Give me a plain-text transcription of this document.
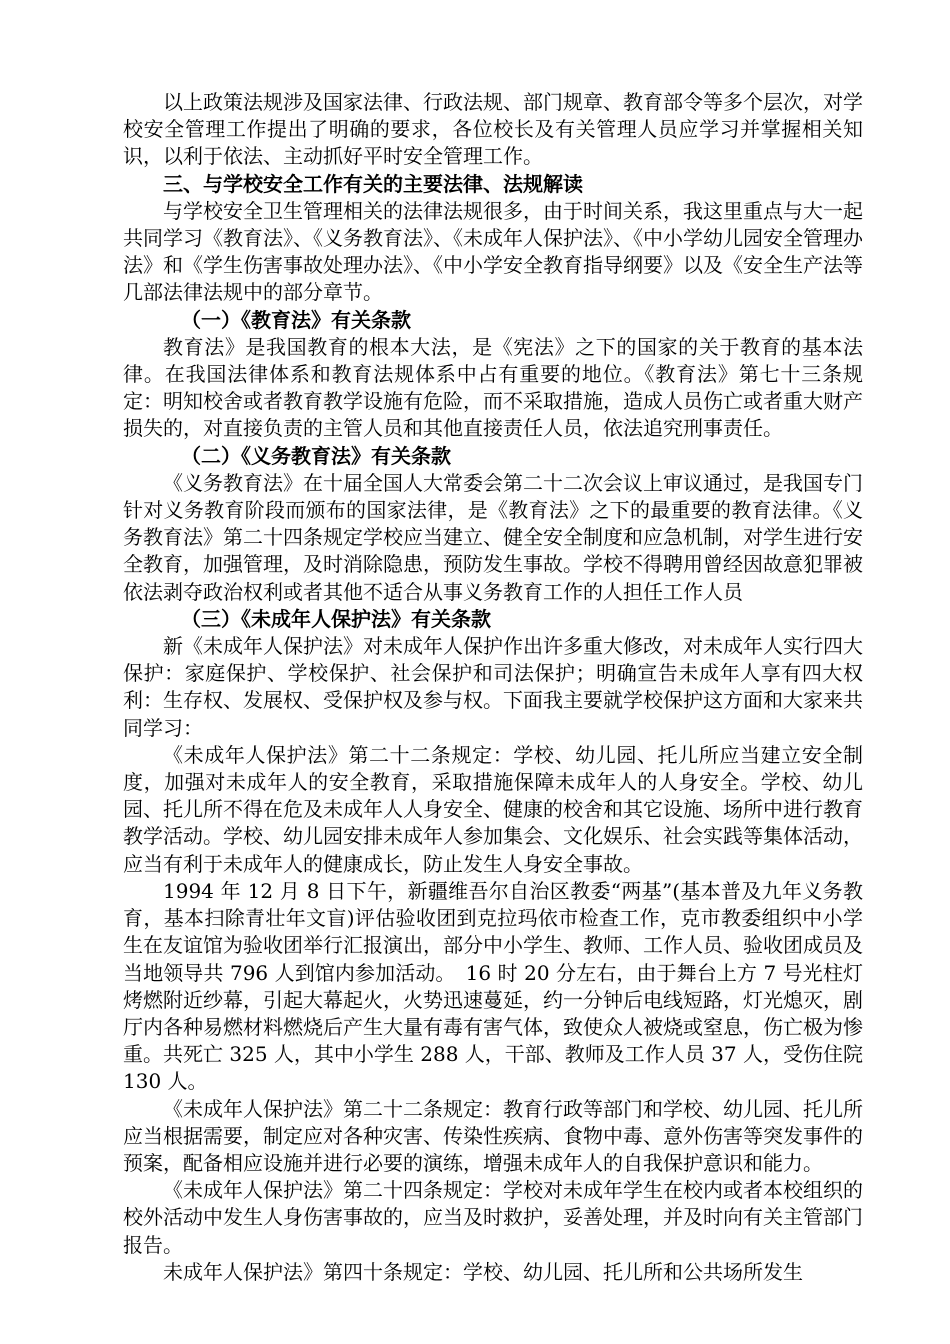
以上政策法规涉及国家法律、行政法规、部门规章、教育部令等多个层次，对学校安全管理工作提出了明确的要求，各位校长及有关管理人员应学习并掌握相关知识，以利于依法、主动抓好平时安全管理工作。

三、与学校安全工作有关的主要法律、法规解读

与学校安全卫生管理相关的法律法规很多，由于时间关系，我这里重点与大一起共同学习《教育法》、《义务教育法》、《未成年人保护法》、《中小学幼儿园安全管理办法》和《学生伤害事故处理办法》、《中小学安全教育指导纲要》以及《安全生产法等几部法律法规中的部分章节。

（一）《教育法》有关条款

教育法》是我国教育的根本大法，是《宪法》之下的国家的关于教育的基本法律。在我国法律体系和教育法规体系中占有重要的地位。《教育法》第七十三条规定：明知校舍或者教育教学设施有危险，而不采取措施，造成人员伤亡或者重大财产损失的，对直接负责的主管人员和其他直接责任人员，依法追究刑事责任。

（二）《义务教育法》有关条款

《义务教育法》在十届全国人大常委会第二十二次会议上审议通过，是我国专门针对义务教育阶段而颁布的国家法律，是《教育法》之下的最重要的教育法律。《义务教育法》第二十四条规定学校应当建立、健全安全制度和应急机制，对学生进行安全教育，加强管理，及时消除隐患，预防发生事故。学校不得聘用曾经因故意犯罪被依法剥夺政治权利或者其他不适合从事义务教育工作的人担任工作人员

（三）《未成年人保护法》有关条款

新《未成年人保护法》对未成年人保护作出许多重大修改，对未成年人实行四大保护：家庭保护、学校保护、社会保护和司法保护；明确宣告未成年人享有四大权利：生存权、发展权、受保护权及参与权。下面我主要就学校保护这方面和大家来共同学习：

《未成年人保护法》第二十二条规定：学校、幼儿园、托儿所应当建立安全制度，加强对未成年人的安全教育，采取措施保障未成年人的人身安全。学校、幼儿园、托儿所不得在危及未成年人人身安全、健康的校舍和其它设施、场所中进行教育教学活动。学校、幼儿园安排未成年人参加集会、文化娱乐、社会实践等集体活动，应当有利于未成年人的健康成长，防止发生人身安全事故。

1994 年 12 月 8 日下午，新疆维吾尔自治区教委“两基”(基本普及九年义务教育，基本扫除青壮年文盲)评估验收团到克拉玛依市检查工作，克市教委组织中小学生在友谊馆为验收团举行汇报演出，部分中小学生、教师、工作人员、验收团成员及当地领导共 796 人到馆内参加活动。　16 时 20 分左右，由于舞台上方 7 号光柱灯烤燃附近纱幕，引起大幕起火，火势迅速蔓延，约一分钟后电线短路，灯光熄灭，剧厅内各种易燃材料燃烧后产生大量有毒有害气体，致使众人被烧或窒息，伤亡极为惨重。共死亡 325 人，其中小学生 288 人，干部、教师及工作人员 37 人，受伤住院 130 人。

《未成年人保护法》第二十二条规定：教育行政等部门和学校、幼儿园、托儿所应当根据需要，制定应对各种灾害、传染性疾病、食物中毒、意外伤害等突发事件的预案，配备相应设施并进行必要的演练，增强未成年人的自我保护意识和能力。

《未成年人保护法》第二十四条规定：学校对未成年学生在校内或者本校组织的校外活动中发生人身伤害事故的，应当及时救护，妥善处理，并及时向有关主管部门报告。

未成年人保护法》第四十条规定：学校、幼儿园、托儿所和公共场所发生
